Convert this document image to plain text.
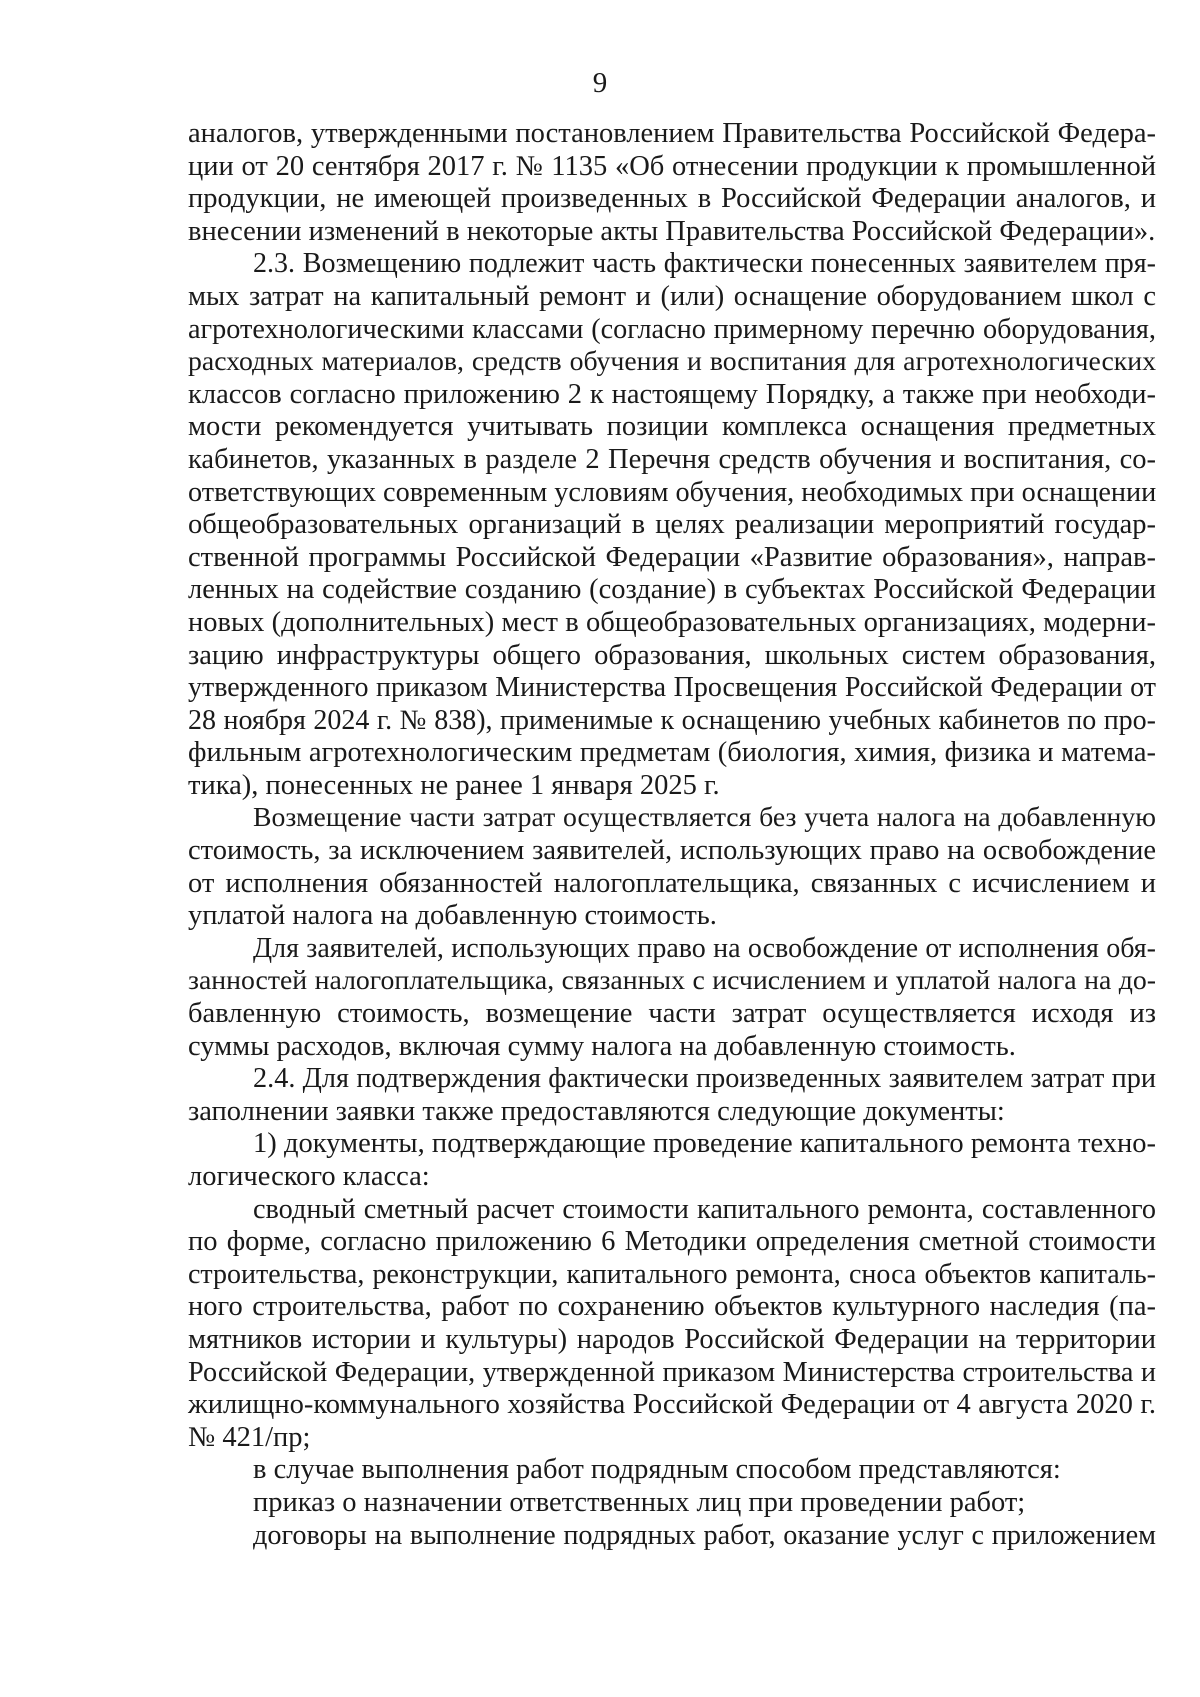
9
аналогов, утвержденными постановлением Правительства Российской Федера-
ции от 20 сентября 2017 г. № 1135 «Об отнесении продукции к промышленной
продукции, не имеющей произведенных в Российской Федерации аналогов, и
внесении изменений в некоторые акты Правительства Российской Федерации».
2.3. Возмещению подлежит часть фактически понесенных заявителем пря-
мых затрат на капитальный ремонт и (или) оснащение оборудованием школ с
агротехнологическими классами (согласно примерному перечню оборудования,
расходных материалов, средств обучения и воспитания для агротехнологических
классов согласно приложению 2 к настоящему Порядку, а также при необходи-
мости рекомендуется учитывать позиции комплекса оснащения предметных
кабинетов, указанных в разделе 2 Перечня средств обучения и воспитания, со-
ответствующих современным условиям обучения, необходимых при оснащении
общеобразовательных организаций в целях реализации мероприятий государ-
ственной программы Российской Федерации «Развитие образования», направ-
ленных на содействие созданию (создание) в субъектах Российской Федерации
новых (дополнительных) мест в общеобразовательных организациях, модерни-
зацию инфраструктуры общего образования, школьных систем образования,
утвержденного приказом Министерства Просвещения Российской Федерации от
28 ноября 2024 г. № 838), применимые к оснащению учебных кабинетов по про-
фильным агротехнологическим предметам (биология, химия, физика и матема-
тика), понесенных не ранее 1 января 2025 г.
Возмещение части затрат осуществляется без учета налога на добавленную
стоимость, за исключением заявителей, использующих право на освобождение
от исполнения обязанностей налогоплательщика, связанных с исчислением и
уплатой налога на добавленную стоимость.
Для заявителей, использующих право на освобождение от исполнения обя-
занностей налогоплательщика, связанных с исчислением и уплатой налога на до-
бавленную стоимость, возмещение части затрат осуществляется исходя из
суммы расходов, включая сумму налога на добавленную стоимость.
2.4. Для подтверждения фактически произведенных заявителем затрат при
заполнении заявки также предоставляются следующие документы:
1) документы, подтверждающие проведение капитального ремонта техно-
логического класса:
сводный сметный расчет стоимости капитального ремонта, составленного
по форме, согласно приложению 6 Методики определения сметной стоимости
строительства, реконструкции, капитального ремонта, сноса объектов капиталь-
ного строительства, работ по сохранению объектов культурного наследия (па-
мятников истории и культуры) народов Российской Федерации на территории
Российской Федерации, утвержденной приказом Министерства строительства и
жилищно-коммунального хозяйства Российской Федерации от 4 августа 2020 г.
№ 421/пр;
в случае выполнения работ подрядным способом представляются:
приказ о назначении ответственных лиц при проведении работ;
договоры на выполнение подрядных работ, оказание услуг с приложением
